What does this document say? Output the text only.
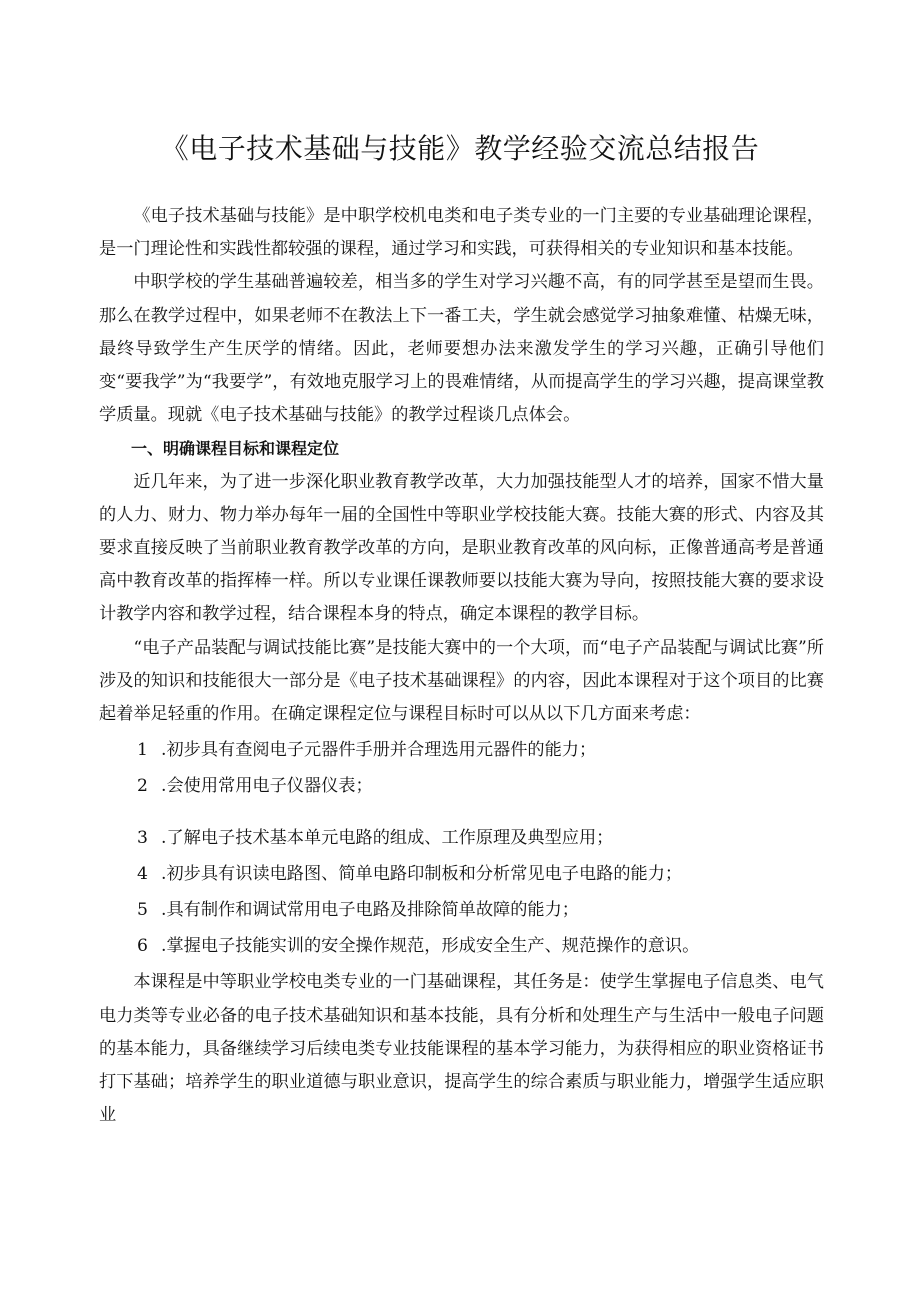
《电子技术基础与技能》教学经验交流总结报告

《电子技术基础与技能》是中职学校机电类和电子类专业的一门主要的专业基础理论课程，是一门理论性和实践性都较强的课程，通过学习和实践，可获得相关的专业知识和基本技能。

中职学校的学生基础普遍较差，相当多的学生对学习兴趣不高，有的同学甚至是望而生畏。那么在教学过程中，如果老师不在教法上下一番工夫，学生就会感觉学习抽象难懂、枯燥无味，最终导致学生产生厌学的情绪。因此，老师要想办法来激发学生的学习兴趣，正确引导他们变“要我学”为“我要学”，有效地克服学习上的畏难情绪，从而提高学生的学习兴趣，提高课堂教学质量。现就《电子技术基础与技能》的教学过程谈几点体会。

一、明确课程目标和课程定位

近几年来，为了进一步深化职业教育教学改革，大力加强技能型人才的培养，国家不惜大量的人力、财力、物力举办每年一届的全国性中等职业学校技能大赛。技能大赛的形式、内容及其要求直接反映了当前职业教育教学改革的方向，是职业教育改革的风向标，正像普通高考是普通高中教育改革的指挥棒一样。所以专业课任课教师要以技能大赛为导向，按照技能大赛的要求设计教学内容和教学过程，结合课程本身的特点，确定本课程的教学目标。

“电子产品装配与调试技能比赛”是技能大赛中的一个大项，而“电子产品装配与调试比赛”所涉及的知识和技能很大一部分是《电子技术基础课程》的内容，因此本课程对于这个项目的比赛起着举足轻重的作用。在确定课程定位与课程目标时可以从以下几方面来考虑：

1 .初步具有查阅电子元器件手册并合理选用元器件的能力；

2 .会使用常用电子仪器仪表；

3 .了解电子技术基本单元电路的组成、工作原理及典型应用；

4 .初步具有识读电路图、简单电路印制板和分析常见电子电路的能力；

5 .具有制作和调试常用电子电路及排除简单故障的能力；

6 .掌握电子技能实训的安全操作规范，形成安全生产、规范操作的意识。

本课程是中等职业学校电类专业的一门基础课程，其任务是：使学生掌握电子信息类、电气电力类等专业必备的电子技术基础知识和基本技能，具有分析和处理生产与生活中一般电子问题的基本能力，具备继续学习后续电类专业技能课程的基本学习能力，为获得相应的职业资格证书打下基础；培养学生的职业道德与职业意识，提高学生的综合素质与职业能力，增强学生适应职业
